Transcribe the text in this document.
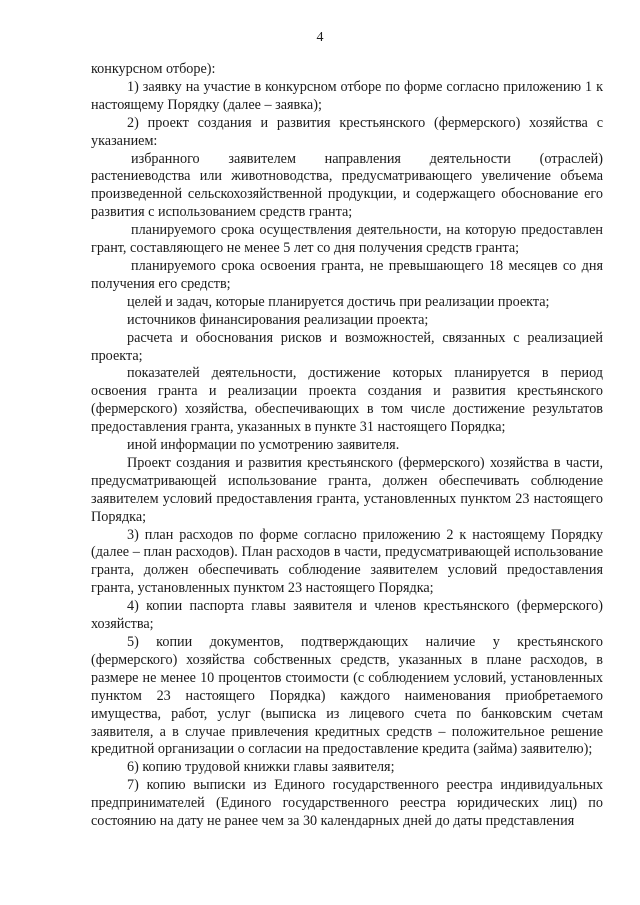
4

конкурсном отборе):

1) заявку на участие в конкурсном отборе по форме согласно приложению 1 к настоящему Порядку (далее – заявка);

2) проект создания и развития крестьянского (фермерского) хозяйства с указанием:

избранного заявителем направления деятельности (отраслей) растениеводства или животноводства, предусматривающего увеличение объема произведенной сельскохозяйственной продукции, и содержащего обоснование его развития с использованием средств гранта;

планируемого срока осуществления деятельности, на которую предоставлен грант, составляющего не менее 5 лет со дня получения средств гранта;

планируемого срока освоения гранта, не превышающего 18 месяцев со дня получения его средств;

целей и задач, которые планируется достичь при реализации проекта;

источников финансирования реализации проекта;

расчета и обоснования рисков и возможностей, связанных с реализацией проекта;

показателей деятельности, достижение которых планируется в период освоения гранта и реализации проекта создания и развития крестьянского (фермерского) хозяйства, обеспечивающих в том числе достижение результатов предоставления гранта, указанных в пункте 31 настоящего Порядка;

иной информации по усмотрению заявителя.

Проект создания и развития крестьянского (фермерского) хозяйства в части, предусматривающей использование гранта, должен обеспечивать соблюдение заявителем условий предоставления гранта, установленных пунктом 23 настоящего Порядка;

3) план расходов по форме согласно приложению 2 к настоящему Порядку (далее – план расходов). План расходов в части, предусматривающей использование гранта, должен обеспечивать соблюдение заявителем условий предоставления гранта, установленных пунктом 23 настоящего Порядка;

4) копии паспорта главы заявителя и членов крестьянского (фермерского) хозяйства;

5) копии документов, подтверждающих наличие у крестьянского (фермерского) хозяйства собственных средств, указанных в плане расходов, в размере не менее 10 процентов стоимости (с соблюдением условий, установленных пунктом 23 настоящего Порядка) каждого наименования приобретаемого имущества, работ, услуг (выписка из лицевого счета по банковским счетам заявителя, а в случае привлечения кредитных средств – положительное решение кредитной организации о согласии на предоставление кредита (займа) заявителю);

6) копию трудовой книжки главы заявителя;

7) копию выписки из Единого государственного реестра индивидуальных предпринимателей (Единого государственного реестра юридических лиц) по состоянию на дату не ранее чем за 30 календарных дней до даты представления
